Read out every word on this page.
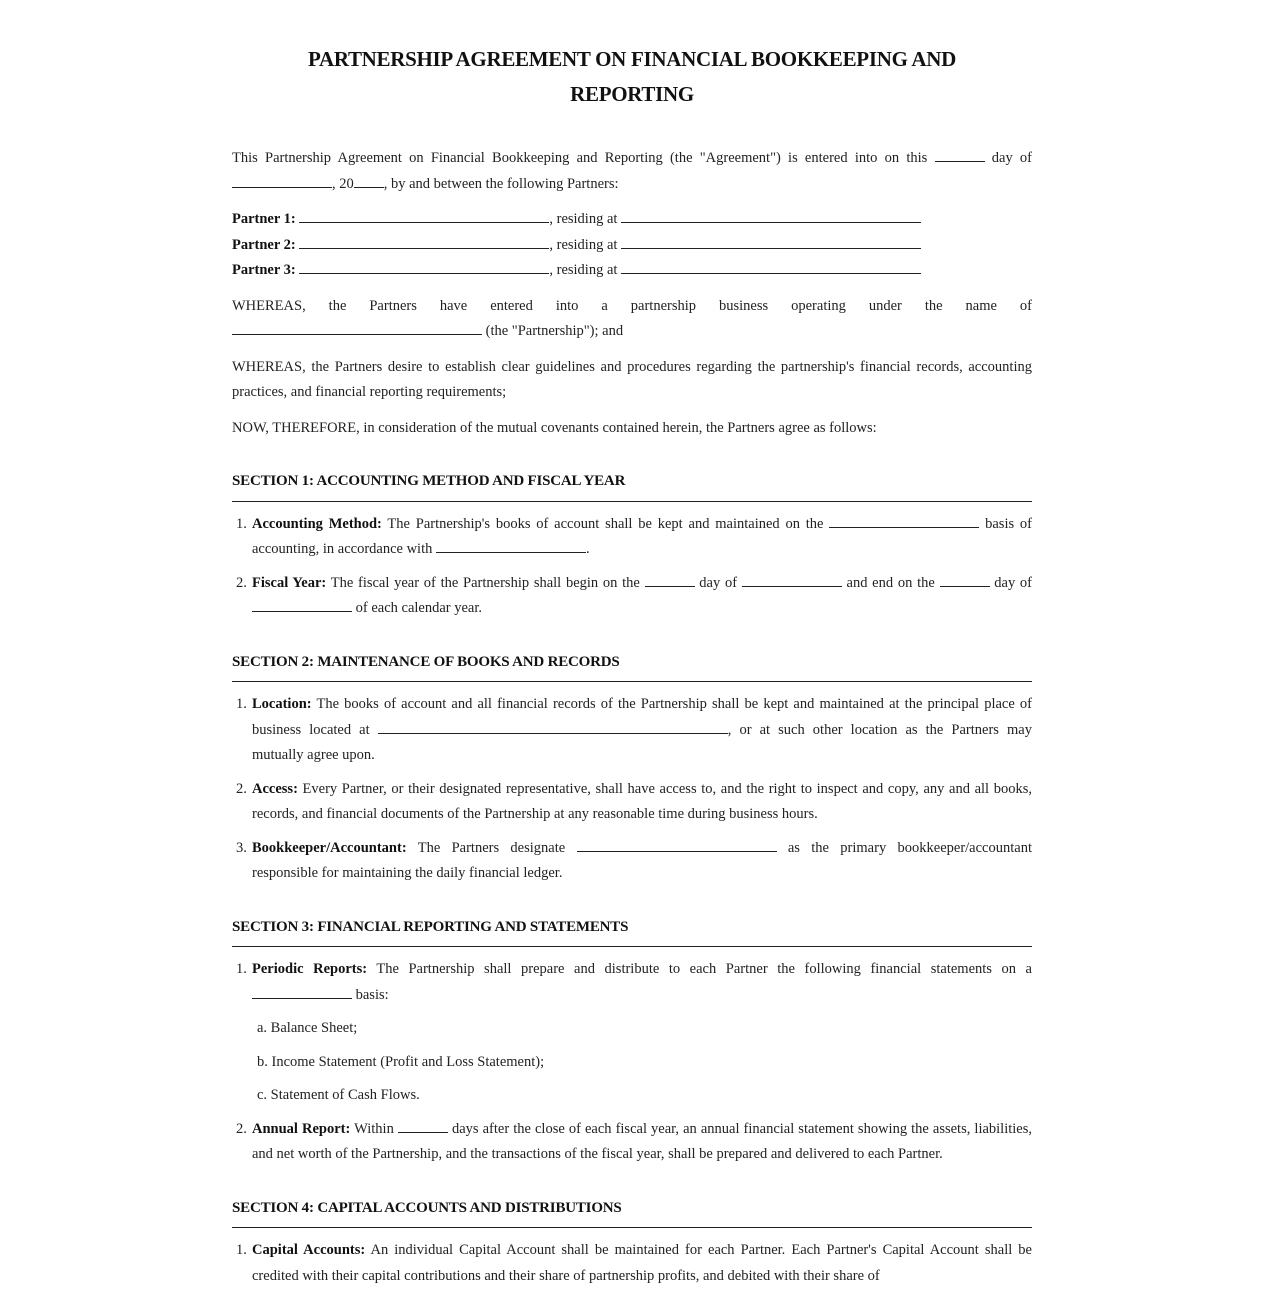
PARTNERSHIP AGREEMENT ON FINANCIAL BOOKKEEPING AND
REPORTING

This Partnership Agreement on Financial Bookkeeping and Reporting (the "Agreement") is entered into on this	day of , 20 , by and between the following Partners:

Partner 1:	, residing at
Partner 2:	, residing at
Partner 3:	, residing at

WHEREAS, the Partners have entered into a partnership business operating under the name of  (the "Partnership"); and

WHEREAS, the Partners desire to establish clear guidelines and procedures regarding the partnership's financial records, accounting practices, and financial reporting requirements;

NOW, THEREFORE, in consideration of the mutual covenants contained herein, the Partners agree as follows:

SECTION 1: ACCOUNTING METHOD AND FISCAL YEAR
1. Accounting Method: The Partnership's books of account shall be kept and maintained on the	basis of accounting, in accordance with	.
2. Fiscal Year: The fiscal year of the Partnership shall begin on the	day of	and end on the	day of  of each calendar year.
SECTION 2: MAINTENANCE OF BOOKS AND RECORDS
1. Location: The books of account and all financial records of the Partnership shall be kept and maintained at the principal place of business located at	, or at such other location as the Partners may mutually agree upon.
2. Access: Every Partner, or their designated representative, shall have access to, and the right to inspect and copy, any and all books, records, and financial documents of the Partnership at any reasonable time during business hours.
3. Bookkeeper/Accountant: The Partners designate	as the primary bookkeeper/accountant responsible for maintaining the daily financial ledger.
SECTION 3: FINANCIAL REPORTING AND STATEMENTS
1. Periodic Reports: The Partnership shall prepare and distribute to each Partner the following financial statements on a  basis:
a. Balance Sheet;
b. Income Statement (Profit and Loss Statement);
c. Statement of Cash Flows.
2. Annual Report: Within	days after the close of each fiscal year, an annual financial statement showing the assets, liabilities, and net worth of the Partnership, and the transactions of the fiscal year, shall be prepared and delivered to each Partner.
SECTION 4: CAPITAL ACCOUNTS AND DISTRIBUTIONS
1. Capital Accounts: An individual Capital Account shall be maintained for each Partner. Each Partner's Capital Account shall be credited with their capital contributions and their share of partnership profits, and debited with their share of
